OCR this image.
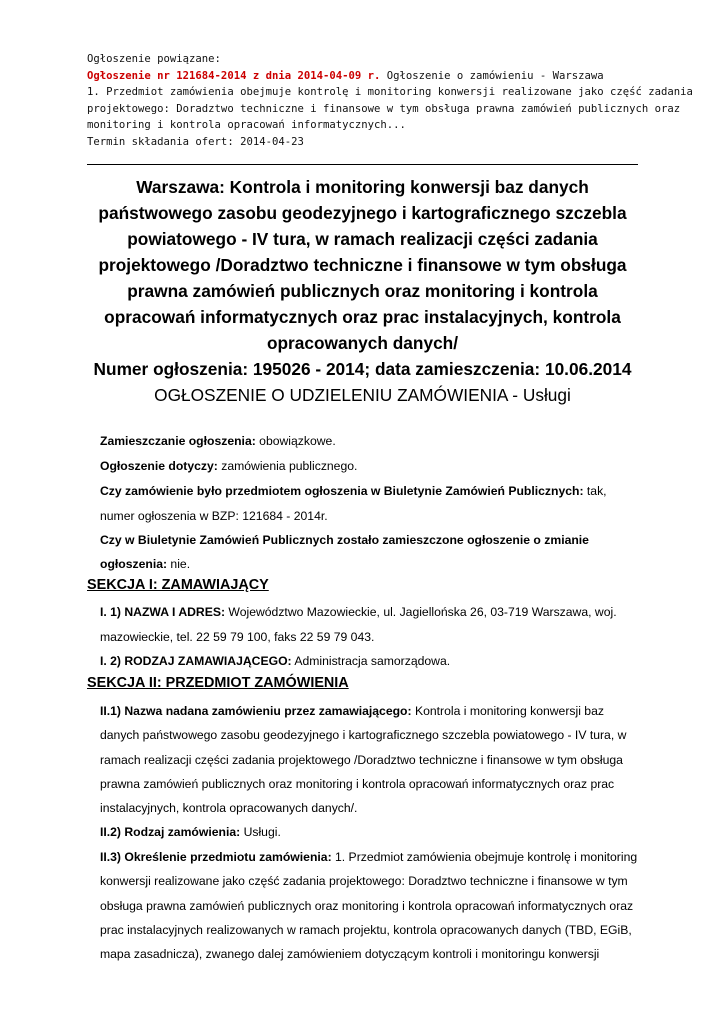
Ogłoszenie powiązane:
Ogłoszenie nr 121684-2014 z dnia 2014-04-09 r. Ogłoszenie o zamówieniu - Warszawa
1. Przedmiot zamówienia obejmuje kontrolę i monitoring konwersji realizowane jako część zadania
projektowego: Doradztwo techniczne i finansowe w tym obsługa prawna zamówień publicznych oraz
monitoring i kontrola opracowań informatycznych...
Termin składania ofert: 2014-04-23
Warszawa: Kontrola i monitoring konwersji baz danych
państwowego zasobu geodezyjnego i kartograficznego szczebla
powiatowego - IV tura, w ramach realizacji części zadania
projektowego /Doradztwo techniczne i finansowe w tym obsługa
prawna zamówień publicznych oraz monitoring i kontrola
opracowań informatycznych oraz prac instalacyjnych, kontrola
opracowanych danych/
Numer ogłoszenia: 195026 - 2014; data zamieszczenia: 10.06.2014
OGŁOSZENIE O UDZIELENIU ZAMÓWIENIA - Usługi
Zamieszczanie ogłoszenia: obowiązkowe.
Ogłoszenie dotyczy: zamówienia publicznego.
Czy zamówienie było przedmiotem ogłoszenia w Biuletynie Zamówień Publicznych: tak,
numer ogłoszenia w BZP: 121684 - 2014r.
Czy w Biuletynie Zamówień Publicznych zostało zamieszczone ogłoszenie o zmianie
ogłoszenia: nie.
SEKCJA I: ZAMAWIAJĄCY
I. 1) NAZWA I ADRES: Województwo Mazowieckie, ul. Jagiellońska 26, 03-719 Warszawa, woj.
mazowieckie, tel. 22 59 79 100, faks 22 59 79 043.
I. 2) RODZAJ ZAMAWIAJĄCEGO: Administracja samorządowa.
SEKCJA II: PRZEDMIOT ZAMÓWIENIA
II.1) Nazwa nadana zamówieniu przez zamawiającego: Kontrola i monitoring konwersji baz
danych państwowego zasobu geodezyjnego i kartograficznego szczebla powiatowego - IV tura, w
ramach realizacji części zadania projektowego /Doradztwo techniczne i finansowe w tym obsługa
prawna zamówień publicznych oraz monitoring i kontrola opracowań informatycznych oraz prac
instalacyjnych, kontrola opracowanych danych/.
II.2) Rodzaj zamówienia: Usługi.
II.3) Określenie przedmiotu zamówienia: 1. Przedmiot zamówienia obejmuje kontrolę i monitoring
konwersji realizowane jako część zadania projektowego: Doradztwo techniczne i finansowe w tym
obsługa prawna zamówień publicznych oraz monitoring i kontrola opracowań informatycznych oraz
prac instalacyjnych realizowanych w ramach projektu, kontrola opracowanych danych (TBD, EGiB,
mapa zasadnicza), zwanego dalej zamówieniem dotyczącym kontroli i monitoringu konwersji
